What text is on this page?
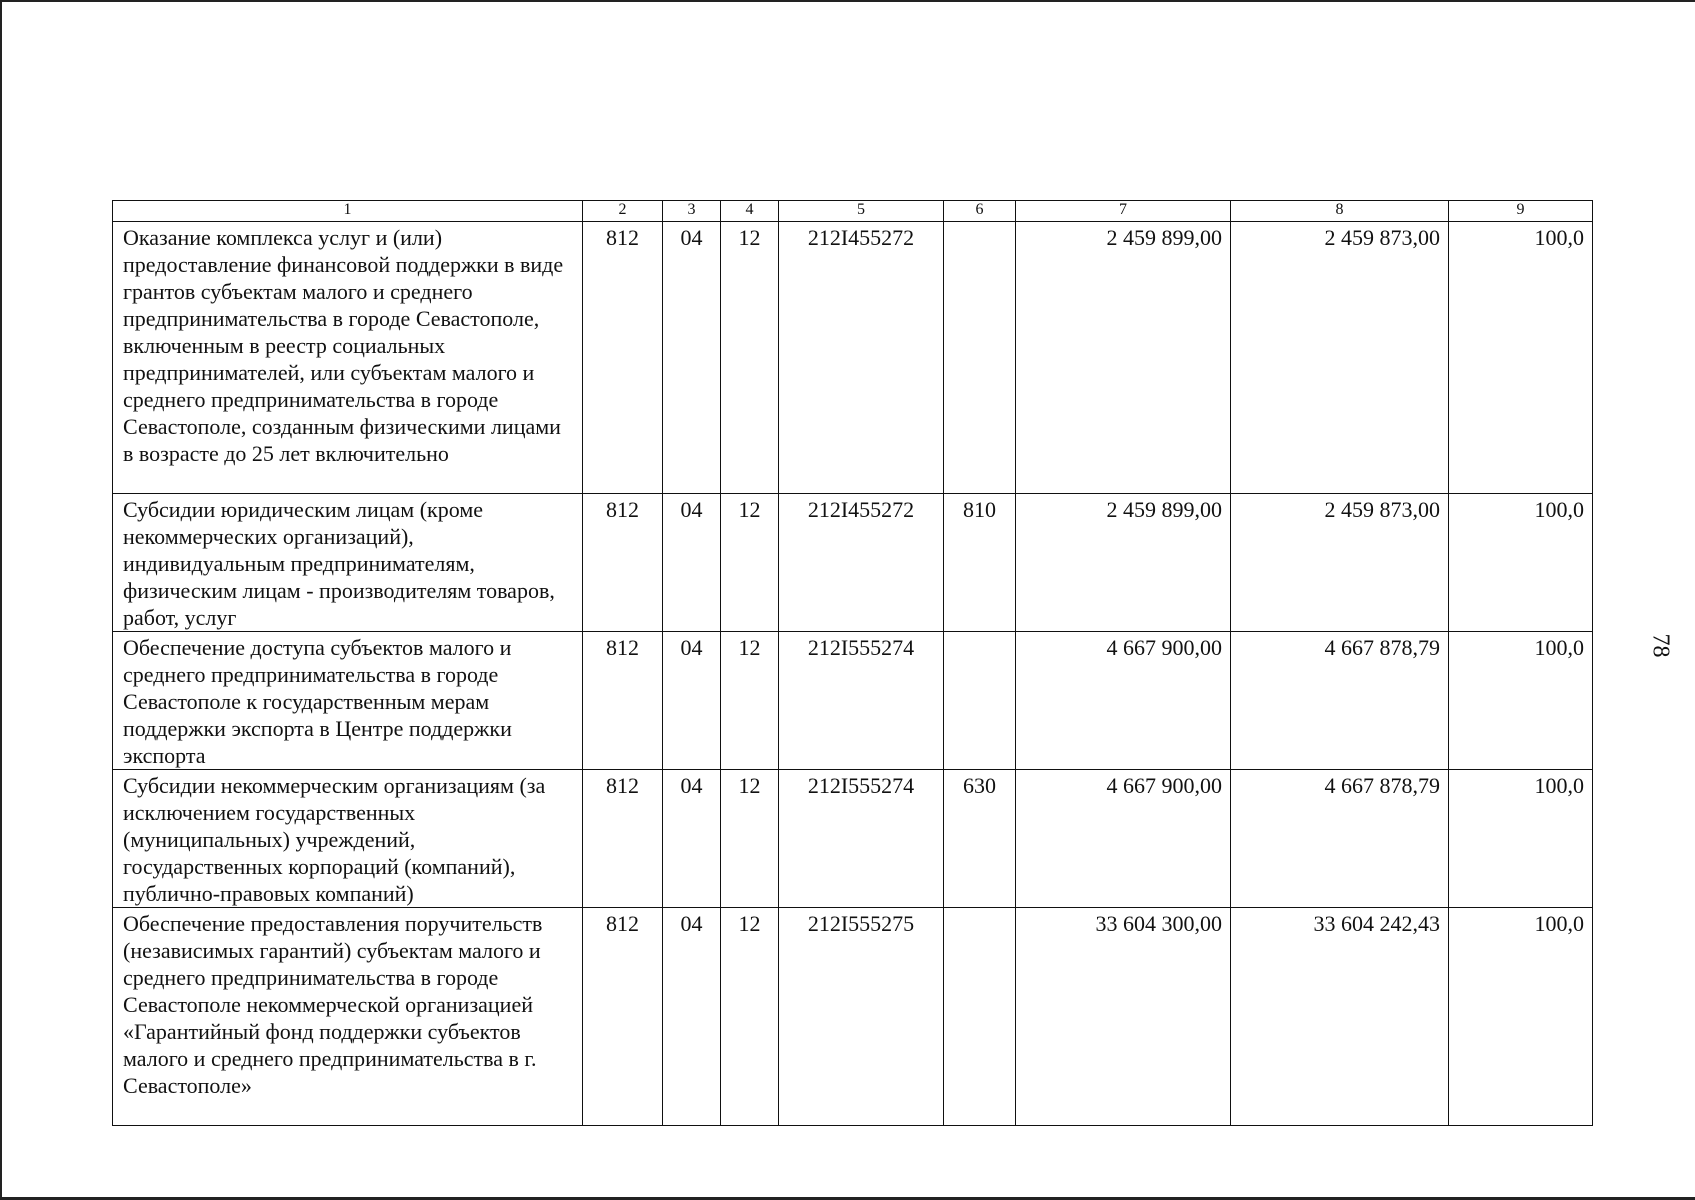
1	2	3	4	5	6	7	8	9
Оказание комплекса услуг и (или) предоставление финансовой поддержки в виде грантов субъектам малого и среднего предпринимательства в городе Севастополе, включенным в реестр социальных предпринимателей, или субъектам малого и среднего предпринимательства в городе Севастополе, созданным физическими лицами в возрасте до 25 лет включительно	812	04	12	212I455272		2 459 899,00	2 459 873,00	100,0
Субсидии юридическим лицам (кроме некоммерческих организаций), индивидуальным предпринимателям, физическим лицам - производителям товаров, работ, услуг	812	04	12	212I455272	810	2 459 899,00	2 459 873,00	100,0
Обеспечение доступа субъектов малого и среднего предпринимательства в городе Севастополе к государственным мерам поддержки экспорта в Центре поддержки экспорта	812	04	12	212I555274		4 667 900,00	4 667 878,79	100,0
Субсидии некоммерческим организациям (за исключением государственных (муниципальных) учреждений, государственных корпораций (компаний), публично-правовых компаний)	812	04	12	212I555274	630	4 667 900,00	4 667 878,79	100,0
Обеспечение предоставления поручительств (независимых гарантий) субъектам малого и среднего предпринимательства в городе Севастополе некоммерческой организацией «Гарантийный фонд поддержки субъектов малого и среднего предпринимательства в г. Севастополе»	812	04	12	212I555275		33 604 300,00	33 604 242,43	100,0
78
